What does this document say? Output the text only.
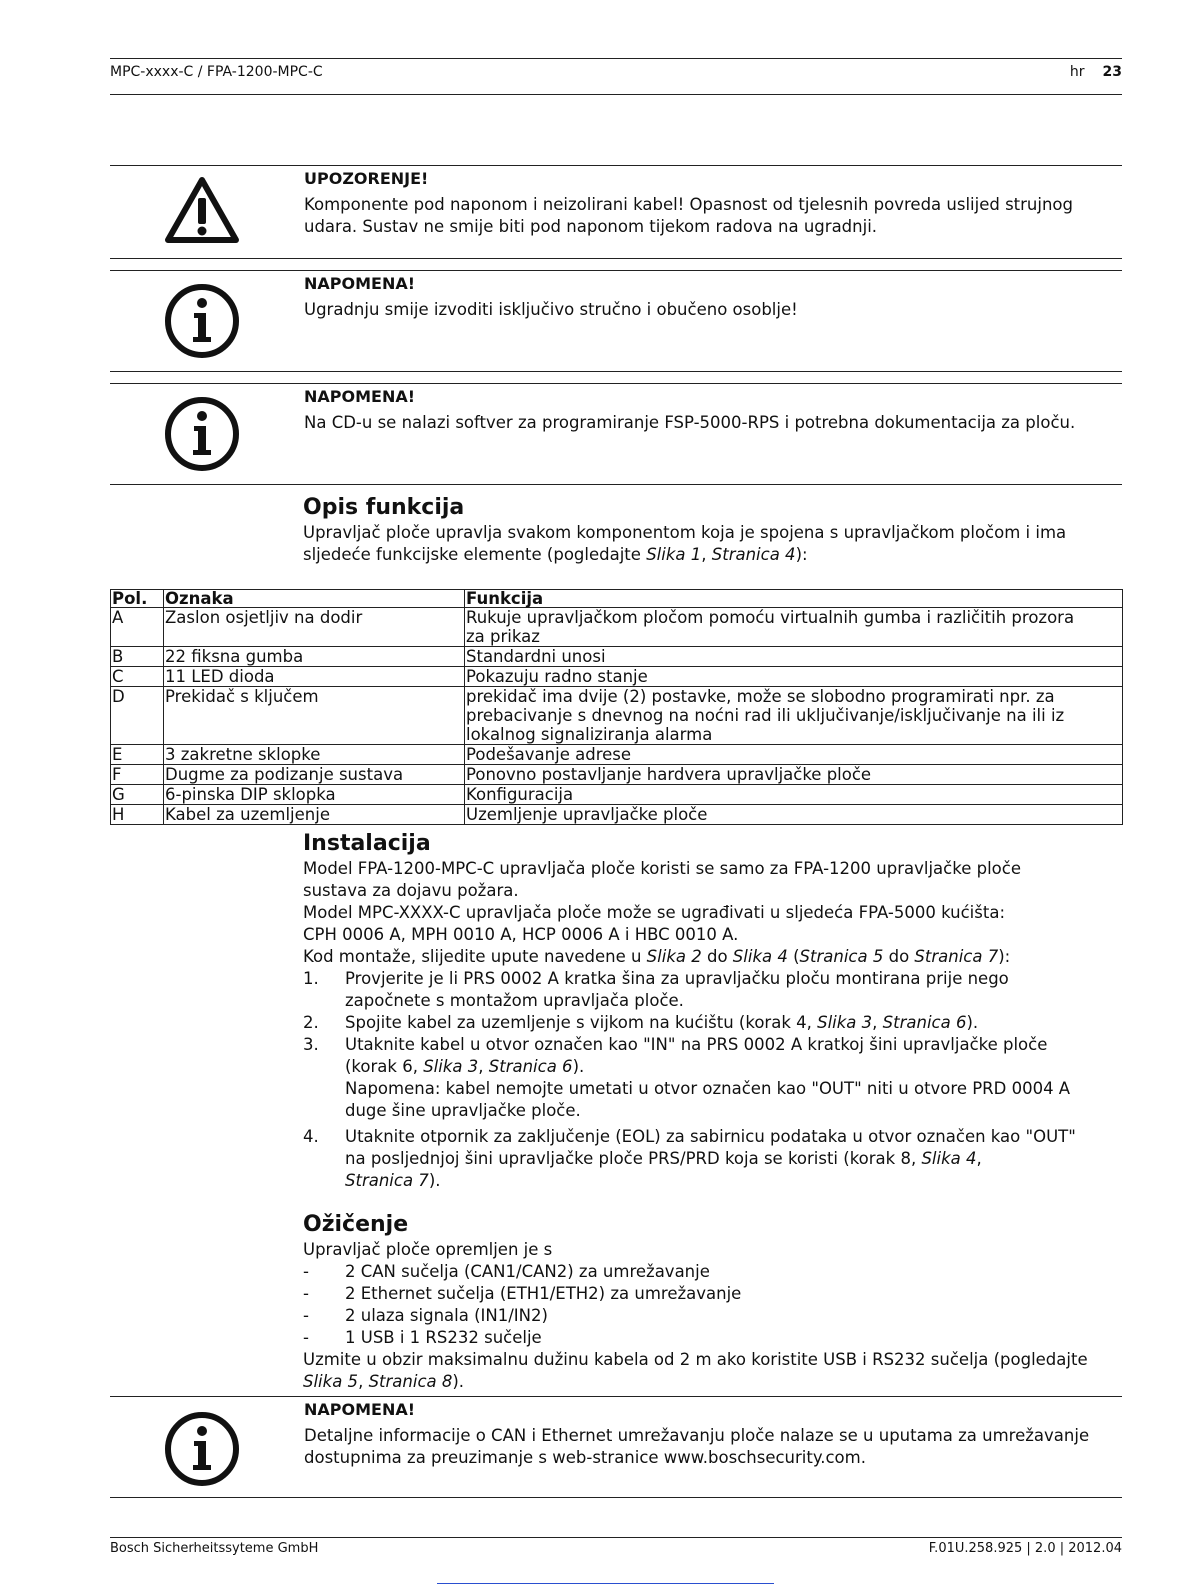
MPC-xxxx-C / FPA-1200-MPC-C	hr 23
UPOZORENJE!
Komponente pod naponom i neizolirani kabel! Opasnost od tjelesnih povreda uslijed strujnog
udara. Sustav ne smije biti pod naponom tijekom radova na ugradnji.
NAPOMENA!
Ugradnju smije izvoditi isključivo stručno i obučeno osoblje!
NAPOMENA!
Na CD-u se nalazi softver za programiranje FSP-5000-RPS i potrebna dokumentacija za ploču.
Opis funkcija

Upravljač ploče upravlja svakom komponentom koja je spojena s upravljačkom pločom i ima

sljedeće funkcijske elemente (pogledajte Slika 1, Stranica 4):

Pol.	Oznaka	Funkcija
A	Zaslon osjetljiv na dodir	Rukuje upravljačkom pločom pomoću virtualnih gumba i različitih prozora
za prikaz

B	22 fiksna gumba	Standardni unosi
C	11 LED dioda	Pokazuju radno stanje
D	Prekidač s ključem	prekidač ima dvije (2) postavke, može se slobodno programirati npr. za
prebacivanje s dnevnog na noćni rad ili uključivanje/isključivanje na ili iz
lokalnog signaliziranja alarma

E	3 zakretne sklopke	Podešavanje adrese
F	Dugme za podizanje sustava	Ponovno postavljanje hardvera upravljačke ploče
G	6-pinska DIP sklopka	Konfiguracija
H	Kabel za uzemljenje	Uzemljenje upravljačke ploče
Instalacija

Model FPA-1200-MPC-C upravljača ploče koristi se samo za FPA-1200 upravljačke ploče

sustava za dojavu požara.

Model MPC-XXXX-C upravljača ploče može se ugrađivati u sljedeća FPA-5000 kućišta:

CPH 0006 A, MPH 0010 A, HCP 0006 A i HBC 0010 A.

Kod montaže, slijedite upute navedene u Slika 2 do Slika 4 (Stranica 5 do Stranica 7):

1. Provjerite je li PRS 0002 A kratka šina za upravljačku ploču montirana prije nego
započnete s montažom upravljača ploče.
2. Spojite kabel za uzemljenje s vijkom na kućištu (korak 4, Slika 3, Stranica 6).
3. Utaknite kabel u otvor označen kao "IN" na PRS 0002 A kratkoj šini upravljačke ploče
(korak 6, Slika 3, Stranica 6).
Napomena: kabel nemojte umetati u otvor označen kao "OUT" niti u otvore PRD 0004 A
duge šine upravljačke ploče.
4. Utaknite otpornik za zaključenje (EOL) za sabirnicu podataka u otvor označen kao "OUT"
na posljednjoj šini upravljačke ploče PRS/PRD koja se koristi (korak 8, Slika 4,
Stranica 7).
Ožičenje

Upravljač ploče opremljen je s

- 2 CAN sučelja (CAN1/CAN2) za umrežavanje
- 2 Ethernet sučelja (ETH1/ETH2) za umrežavanje
- 2 ulaza signala (IN1/IN2)
- 1 USB i 1 RS232 sučelje

Uzmite u obzir maksimalnu dužinu kabela od 2 m ako koristite USB i RS232 sučelja (pogledajte

Slika 5, Stranica 8).

NAPOMENA!
Detaljne informacije o CAN i Ethernet umrežavanju ploče nalaze se u uputama za umrežavanje
dostupnima za preuzimanje s web-stranice www.boschsecurity.com.
Bosch Sicherheitssyteme GmbH	F.01U.258.925 | 2.0 | 2012.04
